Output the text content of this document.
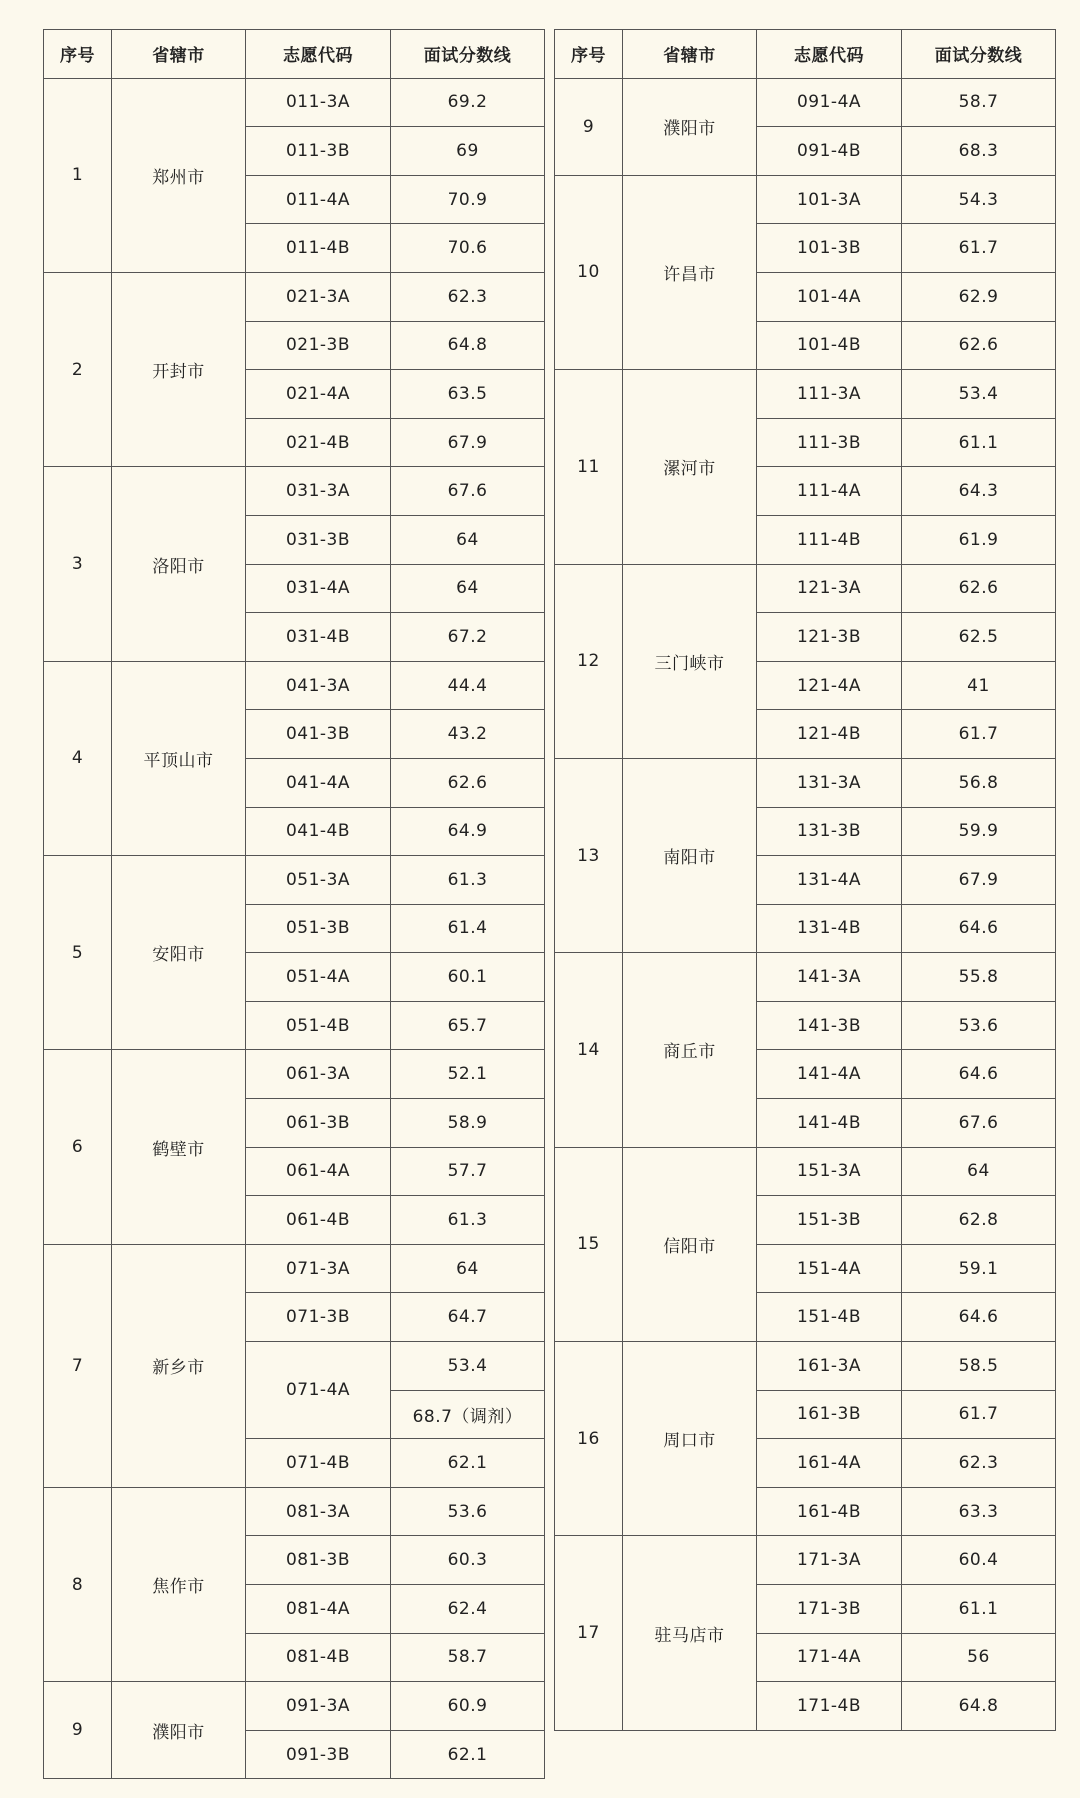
序号	省辖市	志愿代码	面试分数线
1	郑州市	011-3A	69.2
		011-3B	69
		011-4A	70.9
		011-4B	70.6
2	开封市	021-3A	62.3
		021-3B	64.8
		021-4A	63.5
		021-4B	67.9
3	洛阳市	031-3A	67.6
		031-3B	64
		031-4A	64
		031-4B	67.2
4	平顶山市	041-3A	44.4
		041-3B	43.2
		041-4A	62.6
		041-4B	64.9
5	安阳市	051-3A	61.3
		051-3B	61.4
		051-4A	60.1
		051-4B	65.7
6	鹤壁市	061-3A	52.1
		061-3B	58.9
		061-4A	57.7
		061-4B	61.3
7	新乡市	071-3A	64
		071-3B	64.7
		071-4A	53.4
			68.7（调剂）
		071-4B	62.1
8	焦作市	081-3A	53.6
		081-3B	60.3
		081-4A	62.4
		081-4B	58.7
9	濮阳市	091-3A	60.9
		091-3B	62.1
序号	省辖市	志愿代码	面试分数线
9	濮阳市	091-4A	58.7
		091-4B	68.3
10	许昌市	101-3A	54.3
		101-3B	61.7
		101-4A	62.9
		101-4B	62.6
11	漯河市	111-3A	53.4
		111-3B	61.1
		111-4A	64.3
		111-4B	61.9
12	三门峡市	121-3A	62.6
		121-3B	62.5
		121-4A	41
		121-4B	61.7
13	南阳市	131-3A	56.8
		131-3B	59.9
		131-4A	67.9
		131-4B	64.6
14	商丘市	141-3A	55.8
		141-3B	53.6
		141-4A	64.6
		141-4B	67.6
15	信阳市	151-3A	64
		151-3B	62.8
		151-4A	59.1
		151-4B	64.6
16	周口市	161-3A	58.5
		161-3B	61.7
		161-4A	62.3
		161-4B	63.3
17	驻马店市	171-3A	60.4
		171-3B	61.1
		171-4A	56
		171-4B	64.8
